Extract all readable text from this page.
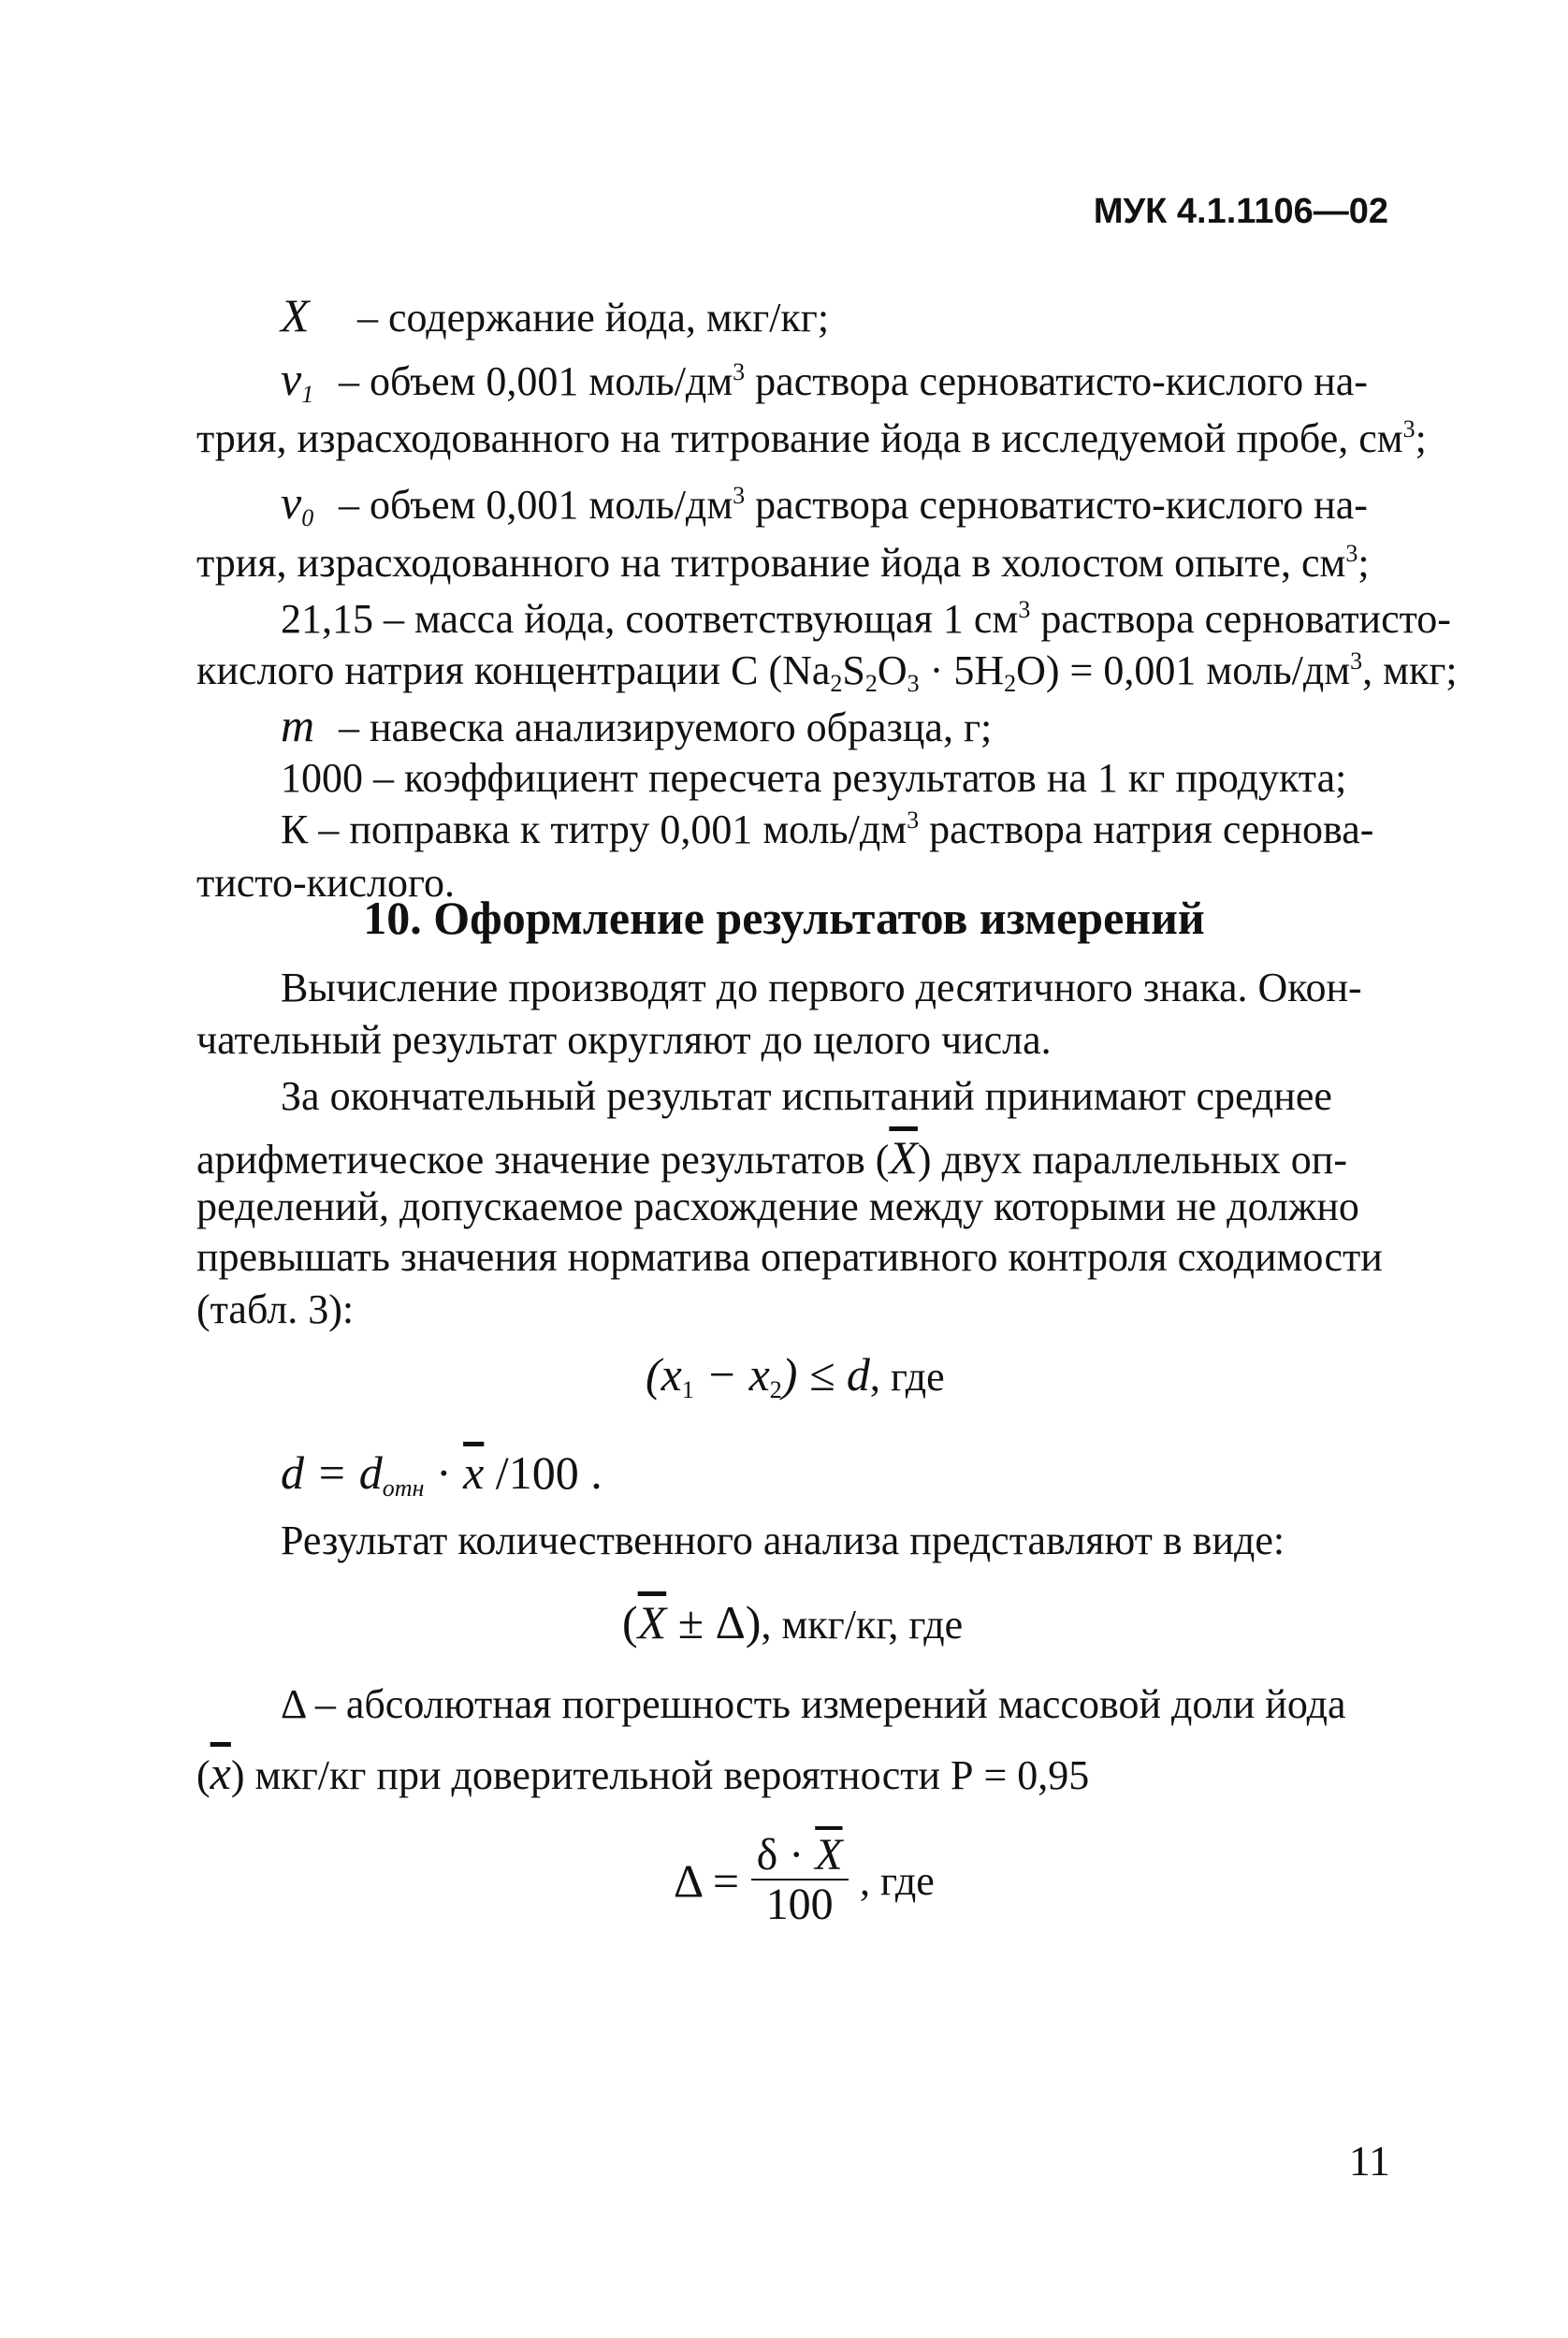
МУК 4.1.1106—02
X – содержание йода, мкг/кг;
$v_1$ – объем 0,001 моль/$дм^3$ раствора серноватисто-кислого на-
трия, израсходованного на титрование йода в исследуемой пробе, $см^3$;
$v_0$ – объем 0,001 моль/$дм^3$ раствора серноватисто-кислого на-
трия, израсходованного на титрование йода в холостом опыте, $см^3$;
21,15 – масса йода, соответствующая 1 $см^3$ раствора серноватисто-
кислого натрия концентрации С $(Na_2S_2O_3 \cdot 5H_2O) = 0,001$ моль/$дм^3$, мкг;
m – навеска анализируемого образца, г;
1000 – коэффициент пересчета результатов на 1 кг продукта;
К – поправка к титру 0,001 моль/$дм^3$ раствора натрия сернова-
тисто-кислого.
10. Оформление результатов измерений
Вычисление производят до первого десятичного знака. Окон-
чательный результат округляют до целого числа.
За окончательный результат испытаний принимают среднее
арифметическое значение результатов $(\overline{X})$ двух параллельных оп-
ределений, допускаемое расхождение между которыми не должно
превышать значения норматива оперативного контроля сходимости
(табл. 3):
$(x_1 - x_2) \le d$, где
$d = d_{отн} \cdot \overline{x}$ /100 .
Результат количественного анализа представляют в виде:
$(\overline{X} \pm \Delta)$, мкг/кг, где
Δ – абсолютная погрешность измерений массовой доли йода
$(\overline{x})$ мкг/кг при доверительной вероятности Р = 0,95
$\Delta = \frac{\delta \cdot \overline{X}}{100}$ , где
11
